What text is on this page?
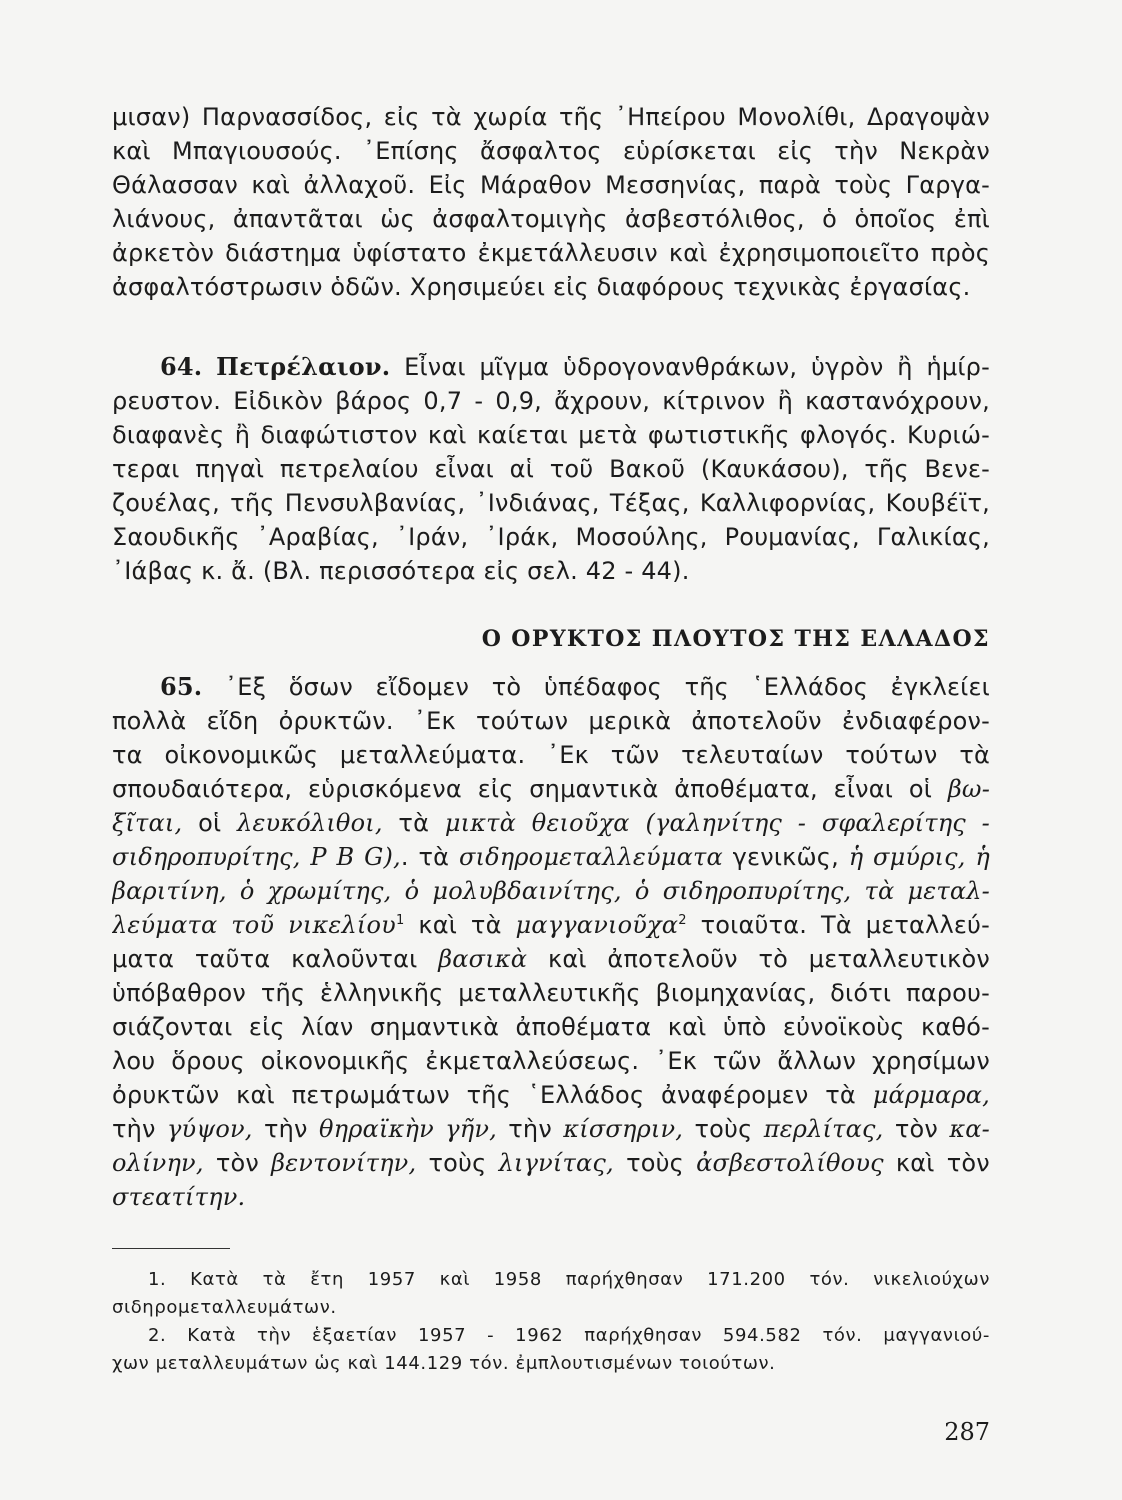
μισαν) Παρνασσίδος, εἰς τὰ χωρία τῆς ᾿Ηπείρου Μονολίθι, Δραγοψὰν
καὶ Μπαγιουσούς. ᾿Επίσης ἄσφαλτος εὑρίσκεται εἰς τὴν Νεκρὰν
Θάλασσαν καὶ ἀλλαχοῦ. Εἰς Μάραθον Μεσσηνίας, παρὰ τοὺς Γαργα-
λιάνους, ἀπαντᾶται ὡς ἀσφαλτομιγὴς ἀσβεστόλιθος, ὁ ὁποῖος ἐπὶ
ἀρκετὸν διάστημα ὑφίστατο ἐκμετάλλευσιν καὶ ἐχρησιμοποιεῖτο πρὸς
ἀσφαλτόστρωσιν ὁδῶν. Χρησιμεύει εἰς διαφόρους τεχνικὰς ἐργασίας.
64. Πετρέλαιον. Εἶναι μῖγμα ὑδρογονανθράκων, ὑγρὸν ἢ ἡμίρ-
ρευστον. Εἰδικὸν βάρος 0,7 - 0,9, ἄχρουν, κίτρινον ἢ καστανόχρουν,
διαφανὲς ἢ διαφώτιστον καὶ καίεται μετὰ φωτιστικῆς φλογός. Κυριώ-
τεραι πηγαὶ πετρελαίου εἶναι αἱ τοῦ Βακοῦ (Καυκάσου), τῆς Βενε-
ζουέλας, τῆς Πενσυλβανίας, ᾿Ινδιάνας, Τέξας, Καλλιφορνίας, Κουβέϊτ,
Σαουδικῆς ᾿Αραβίας, ᾿Ιράν, ᾿Ιράκ, Μοσούλης, Ρουμανίας, Γαλικίας,
᾿Ιάβας κ. ἄ. (Βλ. περισσότερα εἰς σελ. 42 - 44).
Ο ΟΡΥΚΤΟΣ ΠΛΟΥΤΟΣ ΤΗΣ ΕΛΛΑΔΟΣ
65. ᾿Εξ ὅσων εἴδομεν τὸ ὑπέδαφος τῆς ῾Ελλάδος ἐγκλείει
πολλὰ εἴδη ὀρυκτῶν. ᾿Εκ τούτων μερικὰ ἀποτελοῦν ἐνδιαφέρον-
τα οἰκονομικῶς μεταλλεύματα. ᾿Εκ τῶν τελευταίων τούτων τὰ
σπουδαιότερα, εὑρισκόμενα εἰς σημαντικὰ ἀποθέματα, εἶναι οἱ βω-
ξῖται, οἱ λευκόλιθοι, τὰ μικτὰ θειοῦχα (γαληνίτης - σφαλερίτης -
σιδηροπυρίτης, P B G),. τὰ σιδηρομεταλλεύματα γενικῶς, ἡ σμύρις, ἡ
βαριτίνη, ὁ χρωμίτης, ὁ μολυβδαινίτης, ὁ σιδηροπυρίτης, τὰ μεταλ-
λεύματα τοῦ νικελίου$^1$ καὶ τὰ μαγγανιοῦχα$^2$ τοιαῦτα. Τὰ μεταλλεύ-
ματα ταῦτα καλοῦνται βασικὰ καὶ ἀποτελοῦν τὸ μεταλλευτικὸν
ὑπόβαθρον τῆς ἑλληνικῆς μεταλλευτικῆς βιομηχανίας, διότι παρου-
σιάζονται εἰς λίαν σημαντικὰ ἀποθέματα καὶ ὑπὸ εὐνοϊκοὺς καθό-
λου ὅρους οἰκονομικῆς ἐκμεταλλεύσεως. ᾿Εκ τῶν ἄλλων χρησίμων
ὀρυκτῶν καὶ πετρωμάτων τῆς ῾Ελλάδος ἀναφέρομεν τὰ μάρμαρα,
τὴν γύψον, τὴν θηραϊκὴν γῆν, τὴν κίσσηριν, τοὺς περλίτας, τὸν κα-
ολίνην, τὸν βεντονίτην, τοὺς λιγνίτας, τοὺς ἀσβεστολίθους καὶ τὸν
στεατίτην.
1. Κατὰ τὰ ἔτη 1957 καὶ 1958 παρήχθησαν 171.200 τόν. νικελιούχων
σιδηρομεταλλευμάτων.
2. Κατὰ τὴν ἑξαετίαν 1957 - 1962 παρήχθησαν 594.582 τόν. μαγγανιού-
χων μεταλλευμάτων ὡς καὶ 144.129 τόν. ἐμπλουτισμένων τοιούτων.
287
